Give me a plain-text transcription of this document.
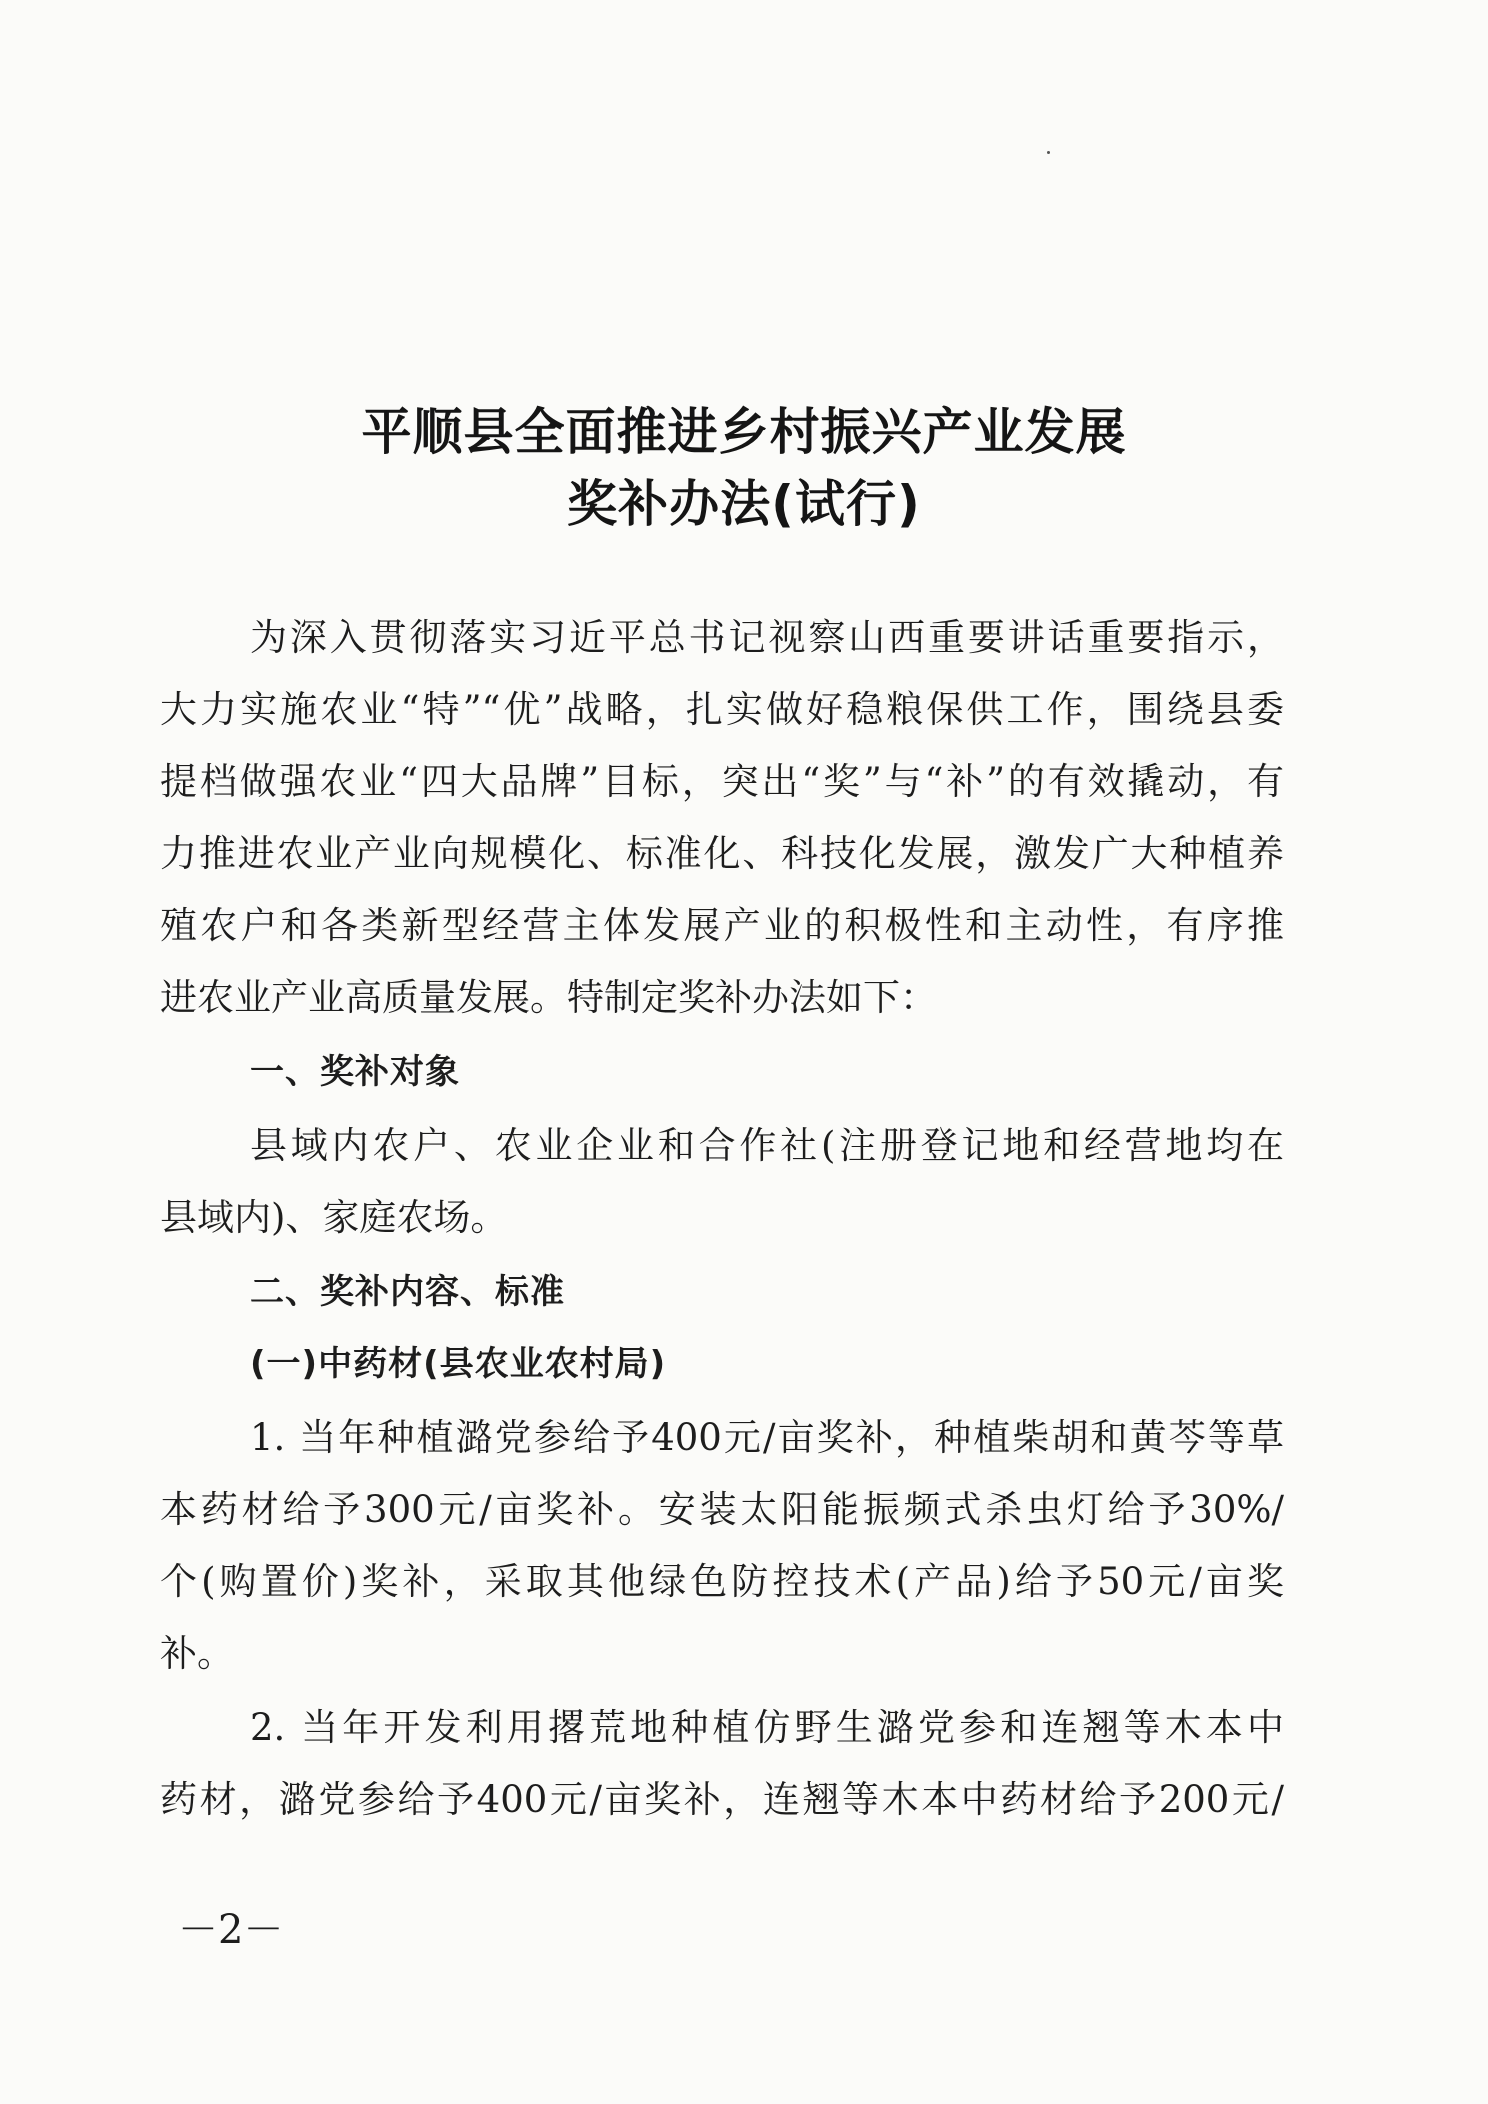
平顺县全面推进乡村振兴产业发展
奖补办法(试行)
为深入贯彻落实习近平总书记视察山西重要讲话重要指示，
大力实施农业“特”“优”战略，扎实做好稳粮保供工作，围绕县委
提档做强农业“四大品牌”目标，突出“奖”与“补”的有效撬动，有
力推进农业产业向规模化、标准化、科技化发展，激发广大种植养
殖农户和各类新型经营主体发展产业的积极性和主动性，有序推
进农业产业高质量发展。特制定奖补办法如下：
一、奖补对象
县域内农户、农业企业和合作社(注册登记地和经营地均在
县域内)、家庭农场。
二、奖补内容、标准
(一)中药材(县农业农村局)
1. 当年种植潞党参给予400元/亩奖补，种植柴胡和黄芩等草
本药材给予300元/亩奖补。安装太阳能振频式杀虫灯给予30%/
个(购置价)奖补，采取其他绿色防控技术(产品)给予50元/亩奖
补。
2. 当年开发利用撂荒地种植仿野生潞党参和连翘等木本中
药材，潞党参给予400元/亩奖补，连翘等木本中药材给予200元/
－2－
